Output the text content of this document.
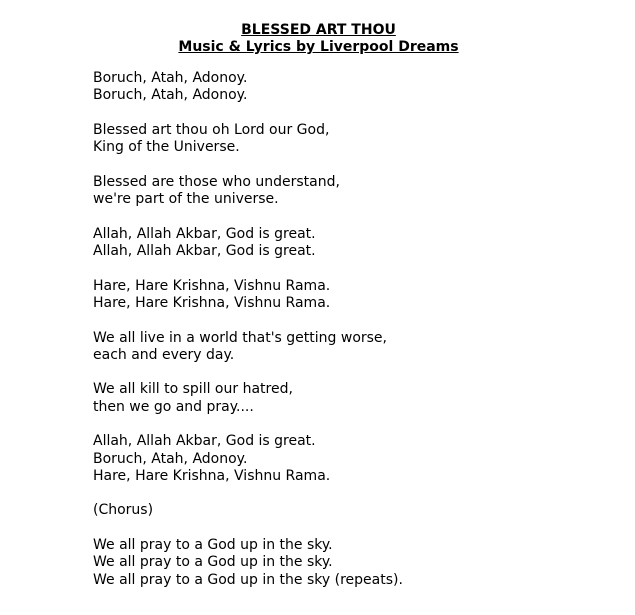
BLESSED ART THOU
Music & Lyrics by Liverpool Dreams
Boruch, Atah, Adonoy.
Boruch, Atah, Adonoy.
Blessed art thou oh Lord our God,
King of the Universe.
Blessed are those who understand,
we're part of the universe.
Allah, Allah Akbar, God is great.
Allah, Allah Akbar, God is great.
Hare, Hare Krishna, Vishnu Rama.
Hare, Hare Krishna, Vishnu Rama.
We all live in a world that's getting worse,
each and every day.
We all kill to spill our hatred,
then we go and pray....
Allah, Allah Akbar, God is great.
Boruch, Atah, Adonoy.
Hare, Hare Krishna, Vishnu Rama.
(Chorus)
We all pray to a God up in the sky.
We all pray to a God up in the sky.
We all pray to a God up in the sky (repeats).
